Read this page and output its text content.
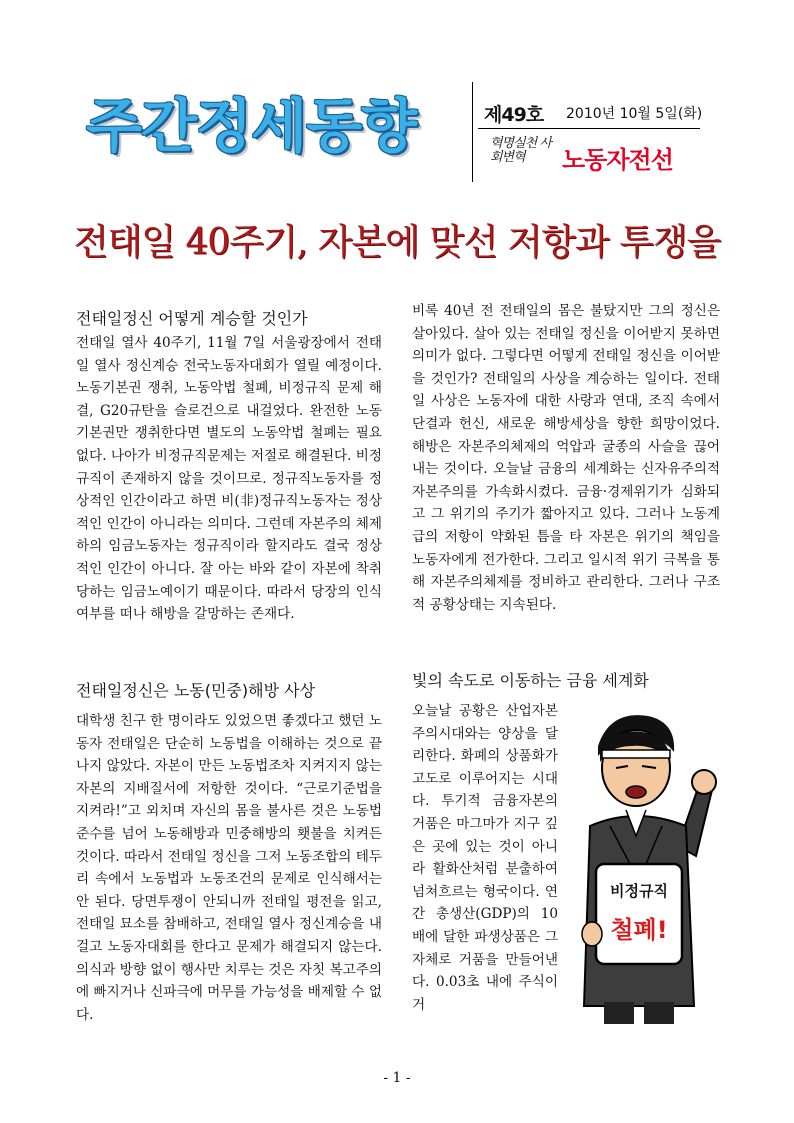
주간정세동향	제49호 2010년 10월 5일(화)
혁명실천 사회변혁	노동자전선
전태일 40주기, 자본에 맞선 저항과 투쟁을
전태일정신 어떻게 계승할 것인가

전태일 열사 40주기, 11월 7일 서울광장에서 전태일 열사 정신계승 전국노동자대회가 열릴 예정이다. 노동기본권 쟁취, 노동악법 철폐, 비정규직 문제 해결, G20규탄을 슬로건으로 내걸었다. 완전한 노동기본권만 쟁취한다면 별도의 노동악법 철폐는 필요 없다. 나아가 비정규직문제는 저절로 해결된다. 비정규직이 존재하지 않을 것이므로. 정규직노동자를 정상적인 인간이라고 하면 비(非)정규직노동자는 정상적인 인간이 아니라는 의미다. 그런데 자본주의 체제하의 임금노동자는 정규직이라 할지라도 결국 정상적인 인간이 아니다. 잘 아는 바와 같이 자본에 착취당하는 임금노예이기 때문이다. 따라서 당장의 인식 여부를 떠나 해방을 갈망하는 존재다.

전태일정신은 노동(민중)해방 사상

대학생 친구 한 명이라도 있었으면 좋겠다고 했던 노동자 전태일은 단순히 노동법을 이해하는 것으로 끝나지 않았다. 자본이 만든 노동법조차 지켜지지 않는 자본의 지배질서에 저항한 것이다. “근로기준법을 지켜라!”고 외치며 자신의 몸을 불사른 것은 노동법 준수를 넘어 노동해방과 민중해방의 횃불을 치켜든 것이다. 따라서 전태일 정신을 그저 노동조합의 테두리 속에서 노동법과 노동조건의 문제로 인식해서는 안 된다. 당면투쟁이 안되니까 전태일 평전을 읽고, 전태일 묘소를 참배하고, 전태일 열사 정신계승을 내걸고 노동자대회를 한다고 문제가 해결되지 않는다. 의식과 방향 없이 행사만 치루는 것은 자칫 복고주의에 빠지거나 신파극에 머무를 가능성을 배제할 수 없다.

비록 40년 전 전태일의 몸은 불탔지만 그의 정신은 살아있다. 살아 있는 전태일 정신을 이어받지 못하면 의미가 없다. 그렇다면 어떻게 전태일 정신을 이어받을 것인가? 전태일의 사상을 계승하는 일이다. 전태일 사상은 노동자에 대한 사랑과 연대, 조직 속에서 단결과 헌신, 새로운 해방세상을 향한 희망이었다. 해방은 자본주의체제의 억압과 굴종의 사슬을 끊어내는 것이다. 오늘날 금융의 세계화는 신자유주의적 자본주의를 가속화시켰다. 금융·경제위기가 심화되고 그 위기의 주기가 짧아지고 있다. 그러나 노동계급의 저항이 약화된 틈을 타 자본은 위기의 책임을 노동자에게 전가한다. 그리고 일시적 위기 극복을 통해 자본주의체제를 정비하고 관리한다. 그러나 구조적 공황상태는 지속된다.

빛의 속도로 이동하는 금융 세계화

오늘날 공황은 산업자본주의시대와는 양상을 달리한다. 화폐의 상품화가 고도로 이루어지는 시대다. 투기적 금융자본의 거품은 마그마가 지구 깊은 곳에 있는 것이 아니라 활화산처럼 분출하여 넘쳐흐르는 형국이다. 연간 총생산(GDP)의 10배에 달한 파생상품은 그 자체로 거품을 만들어낸다. 0.03초 내에 주식이 거

비정규직
철폐!
- 1 -
